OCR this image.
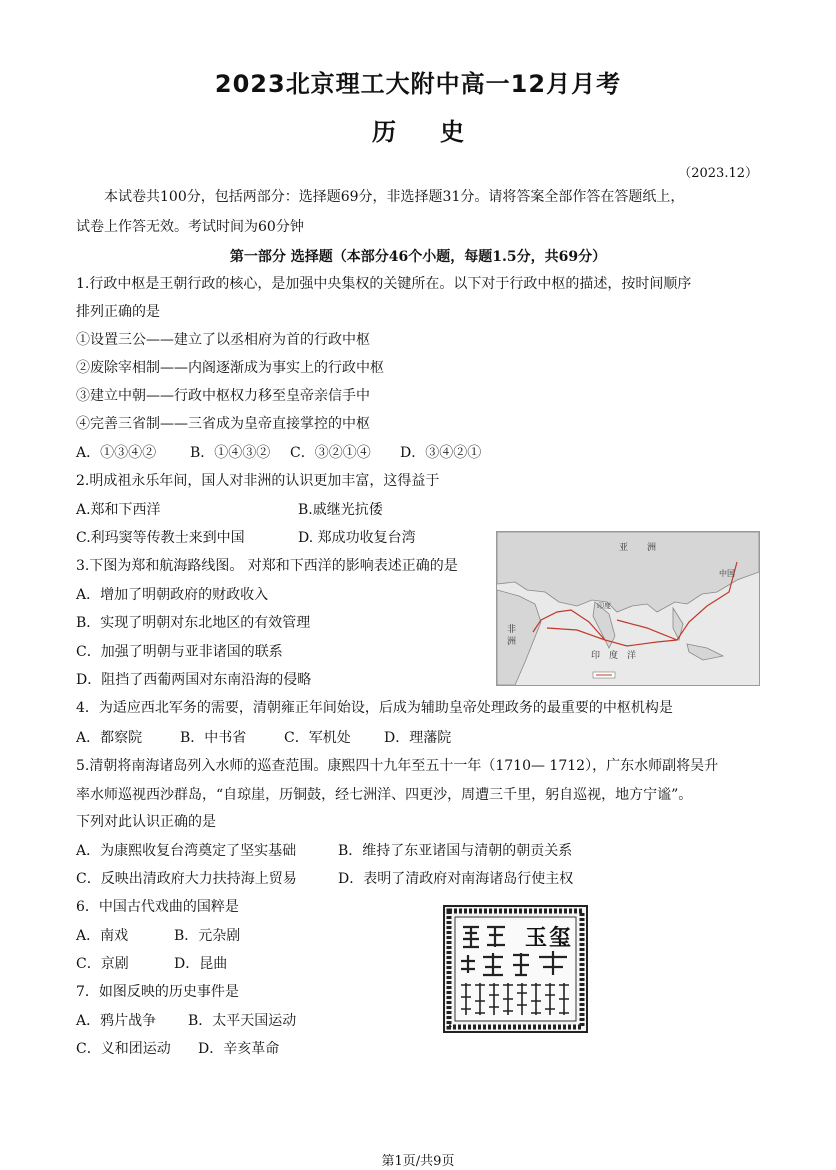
2023北京理工大附中高一12月月考
历史
（2023.12）
本试卷共100分，包括两部分：选择题69分，非选择题31分。请将答案全部作答在答题纸上，
试卷上作答无效。考试时间为60分钟
第一部分 选择题（本部分46个小题，每题1.5分，共69分）
1.行政中枢是王朝行政的核心，是加强中央集权的关键所在。以下对于行政中枢的描述，按时间顺序
排列正确的是
①设置三公——建立了以丞相府为首的行政中枢
②废除宰相制——内阁逐渐成为事实上的行政中枢
③建立中朝——行政中枢权力移至皇帝亲信手中
④完善三省制——三省成为皇帝直接掌控的中枢
A．①③④② B．①④③② C．③②①④ D．③④②①
2.明成祖永乐年间，国人对非洲的认识更加丰富，这得益于
A.郑和下西洋	B.戚继光抗倭
C.利玛窦等传教士来到中国	D. 郑成功收复台湾
3.下图为郑和航海路线图。 对郑和下西洋的影响表述正确的是
A．增加了明朝政府的财政收入
B．实现了明朝对东北地区的有效管理
C．加强了明朝与亚非诸国的联系
D．阻挡了西葡两国对东南沿海的侵略
亚 洲
中国
印度
非
洲
印 度 洋
4．为适应西北军务的需要，清朝雍正年间始设，后成为辅助皇帝处理政务的最重要的中枢机构是
A．都察院	B．中书省	C．军机处 D．理藩院
5.清朝将南海诸岛列入水师的巡查范围。康熙四十九年至五十一年（1710— 1712），广东水师副将吴升
率水师巡视西沙群岛，“自琼崖，历铜鼓，经七洲洋、四更沙，周遭三千里，躬自巡视，地方宁谧”。
下列对此认识正确的是
A．为康熙收复台湾奠定了坚实基础	B．维持了东亚诸国与清朝的朝贡关系
C．反映出清政府大力扶持海上贸易	D．表明了清政府对南海诸岛行使主权
6．中国古代戏曲的国粹是
A．南戏	B．元杂剧
C．京剧	D．昆曲
7．如图反映的历史事件是
A．鸦片战争 B．太平天国运动
C．义和团运动 D．辛亥革命
玉 玺
第1页/共9页
